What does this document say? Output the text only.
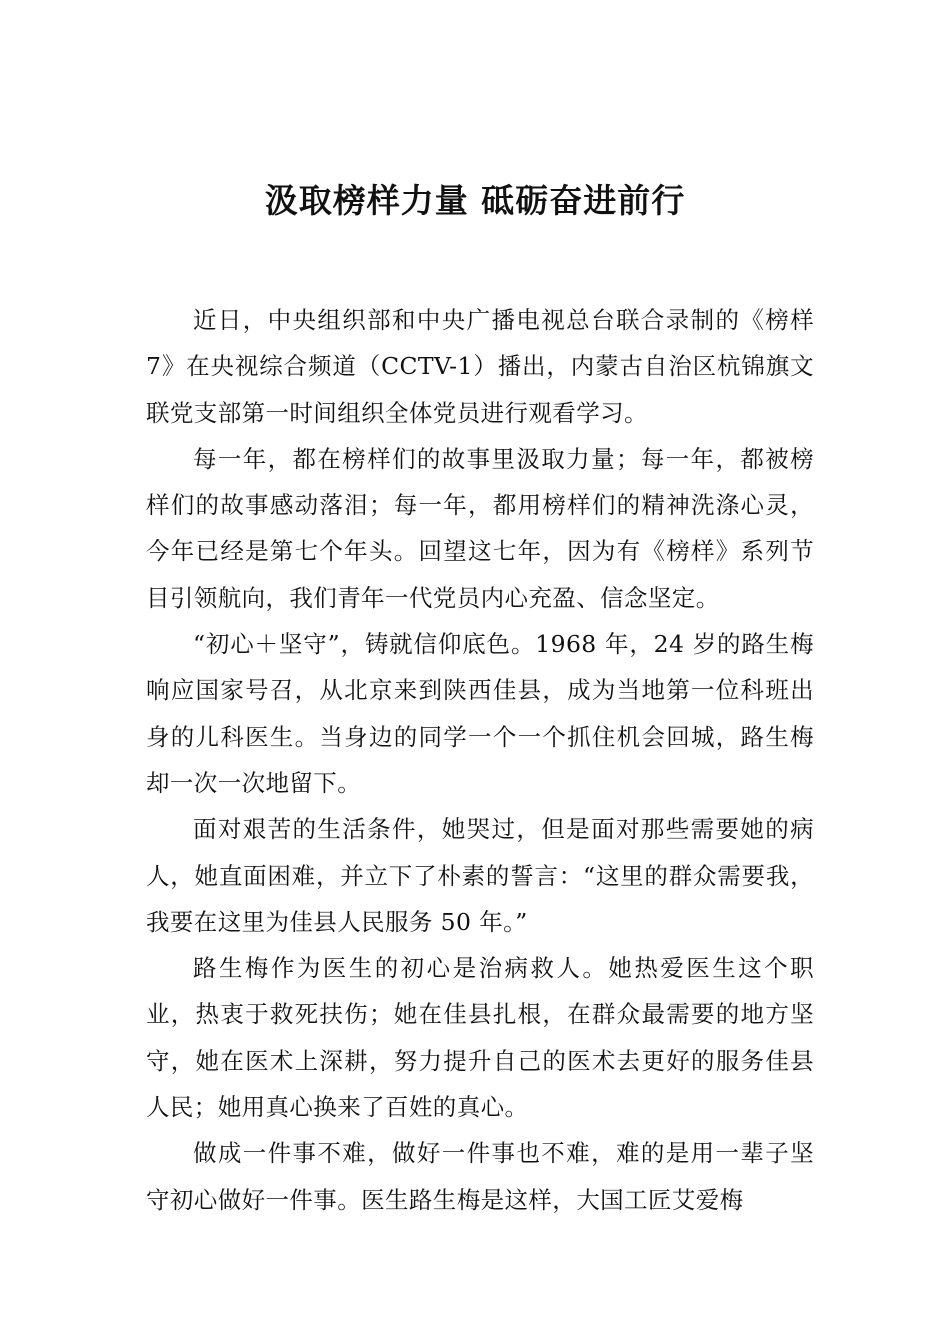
汲取榜样力量 砥砺奋进前行

近日，中央组织部和中央广播电视总台联合录制的《榜样 7》在央视综合频道（CCTV-1）播出，内蒙古自治区杭锦旗文联党支部第一时间组织全体党员进行观看学习。

每一年，都在榜样们的故事里汲取力量；每一年，都被榜样们的故事感动落泪；每一年，都用榜样们的精神洗涤心灵，今年已经是第七个年头。回望这七年，因为有《榜样》系列节目引领航向，我们青年一代党员内心充盈、信念坚定。

“初心＋坚守”，铸就信仰底色。1968 年，24 岁的路生梅响应国家号召，从北京来到陕西佳县，成为当地第一位科班出身的儿科医生。当身边的同学一个一个抓住机会回城，路生梅却一次一次地留下。

面对艰苦的生活条件，她哭过，但是面对那些需要她的病人，她直面困难，并立下了朴素的誓言：“这里的群众需要我，我要在这里为佳县人民服务 50 年。”

路生梅作为医生的初心是治病救人。她热爱医生这个职业，热衷于救死扶伤；她在佳县扎根，在群众最需要的地方坚守，她在医术上深耕，努力提升自己的医术去更好的服务佳县人民；她用真心换来了百姓的真心。

做成一件事不难，做好一件事也不难，难的是用一辈子坚守初心做好一件事。医生路生梅是这样，大国工匠艾爱梅
